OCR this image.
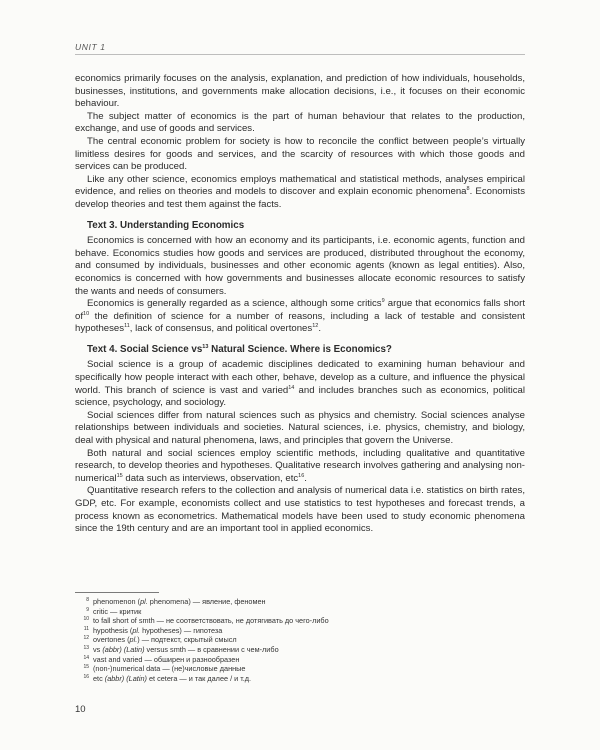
UNIT 1

economics primarily focuses on the analysis, explanation, and prediction of how individuals, households, businesses, institutions, and governments make allocation decisions, i.e., it focuses on their economic behaviour.

The subject matter of economics is the part of human behaviour that relates to the production, exchange, and use of goods and services.

The central economic problem for society is how to reconcile the conflict between people’s virtually limitless desires for goods and services, and the scarcity of resources with which those goods and services can be produced.

Like any other science, economics employs mathematical and statistical methods, analyses empirical evidence, and relies on theories and models to discover and explain economic phenomena$^8$. Economists develop theories and test them against the facts.

Text 3. Understanding Economics

Economics is concerned with how an economy and its participants, i.e. economic agents, function and behave. Economics studies how goods and services are produced, distributed throughout the economy, and consumed by individuals, businesses and other economic agents (known as legal entities). Also, economics is concerned with how governments and businesses allocate economic resources to satisfy the wants and needs of consumers.

Economics is generally regarded as a science, although some critics$^9$ argue that economics falls short $of^{10}$ the definition of science for a number of reasons, including a lack of testable and consistent hypotheses$^{11}$, lack of consensus, and political overtones$^{12}$.

Text 4. Social Science $vs^{13}$ Natural Science. Where is Economics?

Social science is a group of academic disciplines dedicated to examining human behaviour and specifically how people interact with each other, behave, develop as a culture, and influence the physical world. This branch of science is vast and varied$^{14}$ and includes branches such as economics, political science, psychology, and sociology.

Social sciences differ from natural sciences such as physics and chemistry. Social sciences analyse relationships between individuals and societies. Natural sciences, i.e. physics, chemistry, and biology, deal with physical and natural phenomena, laws, and principles that govern the Universe.

Both natural and social sciences employ scientific methods, including qualitative and quantitative research, to develop theories and hypotheses. Qualitative research involves gathering and analysing non-numerical$^{15}$ data such as interviews, observation, etc$^{16}$.

Quantitative research refers to the collection and analysis of numerical data i.e. statistics on birth rates, GDP, etc. For example, economists collect and use statistics to test hypotheses and forecast trends, a process known as econometrics. Mathematical models have been used to study economic phenomena since the 19th century and are an important tool in applied economics.

8 phenomenon (pl. phenomena) — явление, феномен
9 critic — критик
10 to fall short of smth — не соответствовать, не дотягивать до чего-либо
11 hypothesis (pl. hypotheses) — гипотеза
12 overtones (pl.) — подтекст, скрытый смысл
13 vs (abbr) (Latin) versus smth — в сравнении с чем-либо
14 vast and varied — обширен и разнообразен
15 (non-)numerical data — (не)числовые данные
16 etc (abbr) (Latin) et cetera — и так далее / и т.д.
10
